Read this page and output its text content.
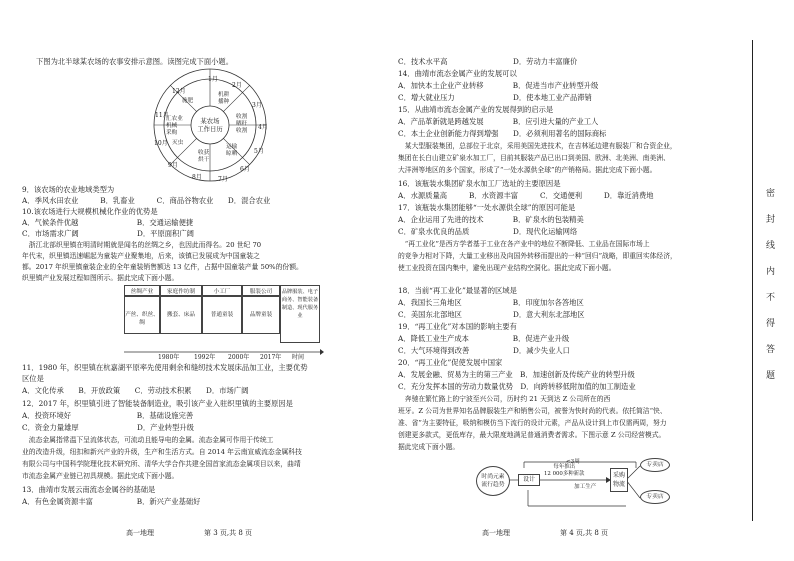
下图为北半球某农场的农事安排示意图。读图完成下面小题。
某农场
工作日历
1月
2月
3月
4月
5月
6月
7月
8月
9月
10月
11月
12月
施肥
机耕
播种
收割
晒秆
收割
运输
晾晒
收获
烘干
灭虫
汇农业
机械
采购
9．该农场的农业地域类型为
A．季风水田农业　　　B．乳畜业　　　C．商品谷物农业　　D．混合农业
10.该农场进行大规模机械化作业的优势是
A．气候条件优越　　　　　　　　B．交通运输便捷
C．市场需求广阔　　　　　　　　D．平原面积广阔
　浙江北部织里镇在明清时期就是闻名的丝绸之乡，也因此而得名。20 世纪 70
年代末，织里镇迅速崛起为童装产业聚集地，后来，该镇已发展成为中国童装之
都。2017 年织里镇童装企业的全年童装销售额达 13 亿件，占据中国童装产量 50%的份额。
织里镇产业发展过程如图所示。据此完成下面小题。
丝绸产业	家庭作坊制	小工厂	服装公司	品牌服装、电子商务、智能装备制造、现代服务业
产丝、织丝、绸
搬套、床品	普通童装	品牌童装
1980年 1992年 2000年 2017年 时间
11．1980 年，织里镇在杭嘉湖平原率先使用剩余和缝纫技术发展床品加工业，主要优势
区位是
A．文化传承　　B．开放政策　　C．劳动技术积累　　D．市场广阔
12．2017 年，织里镇引进了智能装备制造业，吸引该产业入驻织里镇的主要原因是
A．投资环境好　　　　　　　　　B．基础设施完善
C．资金力量雄厚　　　　　　　　D．产业转型升级
　流态金属指常温下呈流体状态，可流动且能导电的金属。流态金属可作用于传统工
业的改造升级，纽扣和新兴产业的升级，生产和生活方式。自 2014 年云南宣威流态金属科技
有限公司与中国科学院理化技术研究所、清华大学合作共建全国首家流态金属项目以来，曲靖
市流态金属产业链已初具规模。据此完成下面小题。
13．曲靖市发展云南流态金属谷的基础是
A．有色金属资源丰富　　　　　　B．新兴产业基础好
高一地理	第 3 页,共 8 页
C．技术水平高　　　　　　　　　D．劳动力丰富廉价
14．曲靖市流态金属产业的发展可以
A．加快本土企业产业转移　　　　B．促进当市产业转型升级
C．增大就业压力　　　　　　　　D．使本地工业产品滞销
15．从曲靖市流态金属产业的发展得到的启示是
A．产品革新就是跨越发展　　　　B．应引进大量的产业工人
C．本土企业创新能力得到增强　　D．必须利用著名的国际商标
　某大型服装集团，总部位于北京，采用美国先进技术，在吉林延边建有服装厂和合资企业，
集团在长白山建立矿泉水加工厂，目前其服装产品已出口到美国、欧洲、北美洲、南美洲、
大洋洲等地区的多个国家，形成了“一处水源供全球”的产销格局。据此完成下面小题。
16．该瓶装水集团矿泉水加工厂选址的主要原因是
A．水源质量高　　　B．水资源丰富　　　C．交通便利　　　D．靠近消费地
17．该瓶装水集团能够“一处水源供全球”的原因可能是
A．企业运用了先进的技术　　　　B．矿泉水的包装精美
C．矿泉水优良的品质　　　　　　D．现代化运输网络
　“再工业化”是西方学者基于工业在各产业中的地位不断降低、工业品在国际市场上
的竞争力相对下降，大量工业移出及向国外转移而提出的一种“回归”战略，即重回实体经济，
使工业投资在国内集中，避免出现产业结构空洞化。据此完成下面小题。
18．当前“再工业化”最显著的区域是
A．我国长三角地区　　　　　　　B．印度加尔各答地区
C．美国东北部地区　　　　　　　D．意大利东北部地区
19．“再工业化”对本国的影响主要有
A．降低工业生产成本　　　　　　B．促进产业升级
C．大气环境得到改善　　　　　　D．减少失业人口
20．“再工业化”促使发展中国家
A．发展金融、贸易为主的第三产业　B．加速创新及传统产业的转型升级
C．充分发挥本国的劳动力数量优势　D．向跨转移低附加值的加工制造业
　奔驰在繁忙路上的宁波至兴公司，历时约 21 天到达 Z 公司所在的西
班牙。Z 公司为世界知名品牌服装生产和销售公司，被誉为快时尚的代表。依托简洁“快、
准、省”为主要特征，吸纳和模仿当下流行的设计元素，产品从设计到上市仅需两周，努力
创建更多款式，更低库存，最大限度地满足普通消费者需求。下图示意 Z 公司经营模式。
据此完成下面小题。
时尚元素
流行趋势
设计
每年推出
12 000多种新款
<3周
加工生产
采购
物流
专卖店
专卖店
高一地理	第 4 页,共 8 页
密
封
线
内
不
得
答
题
